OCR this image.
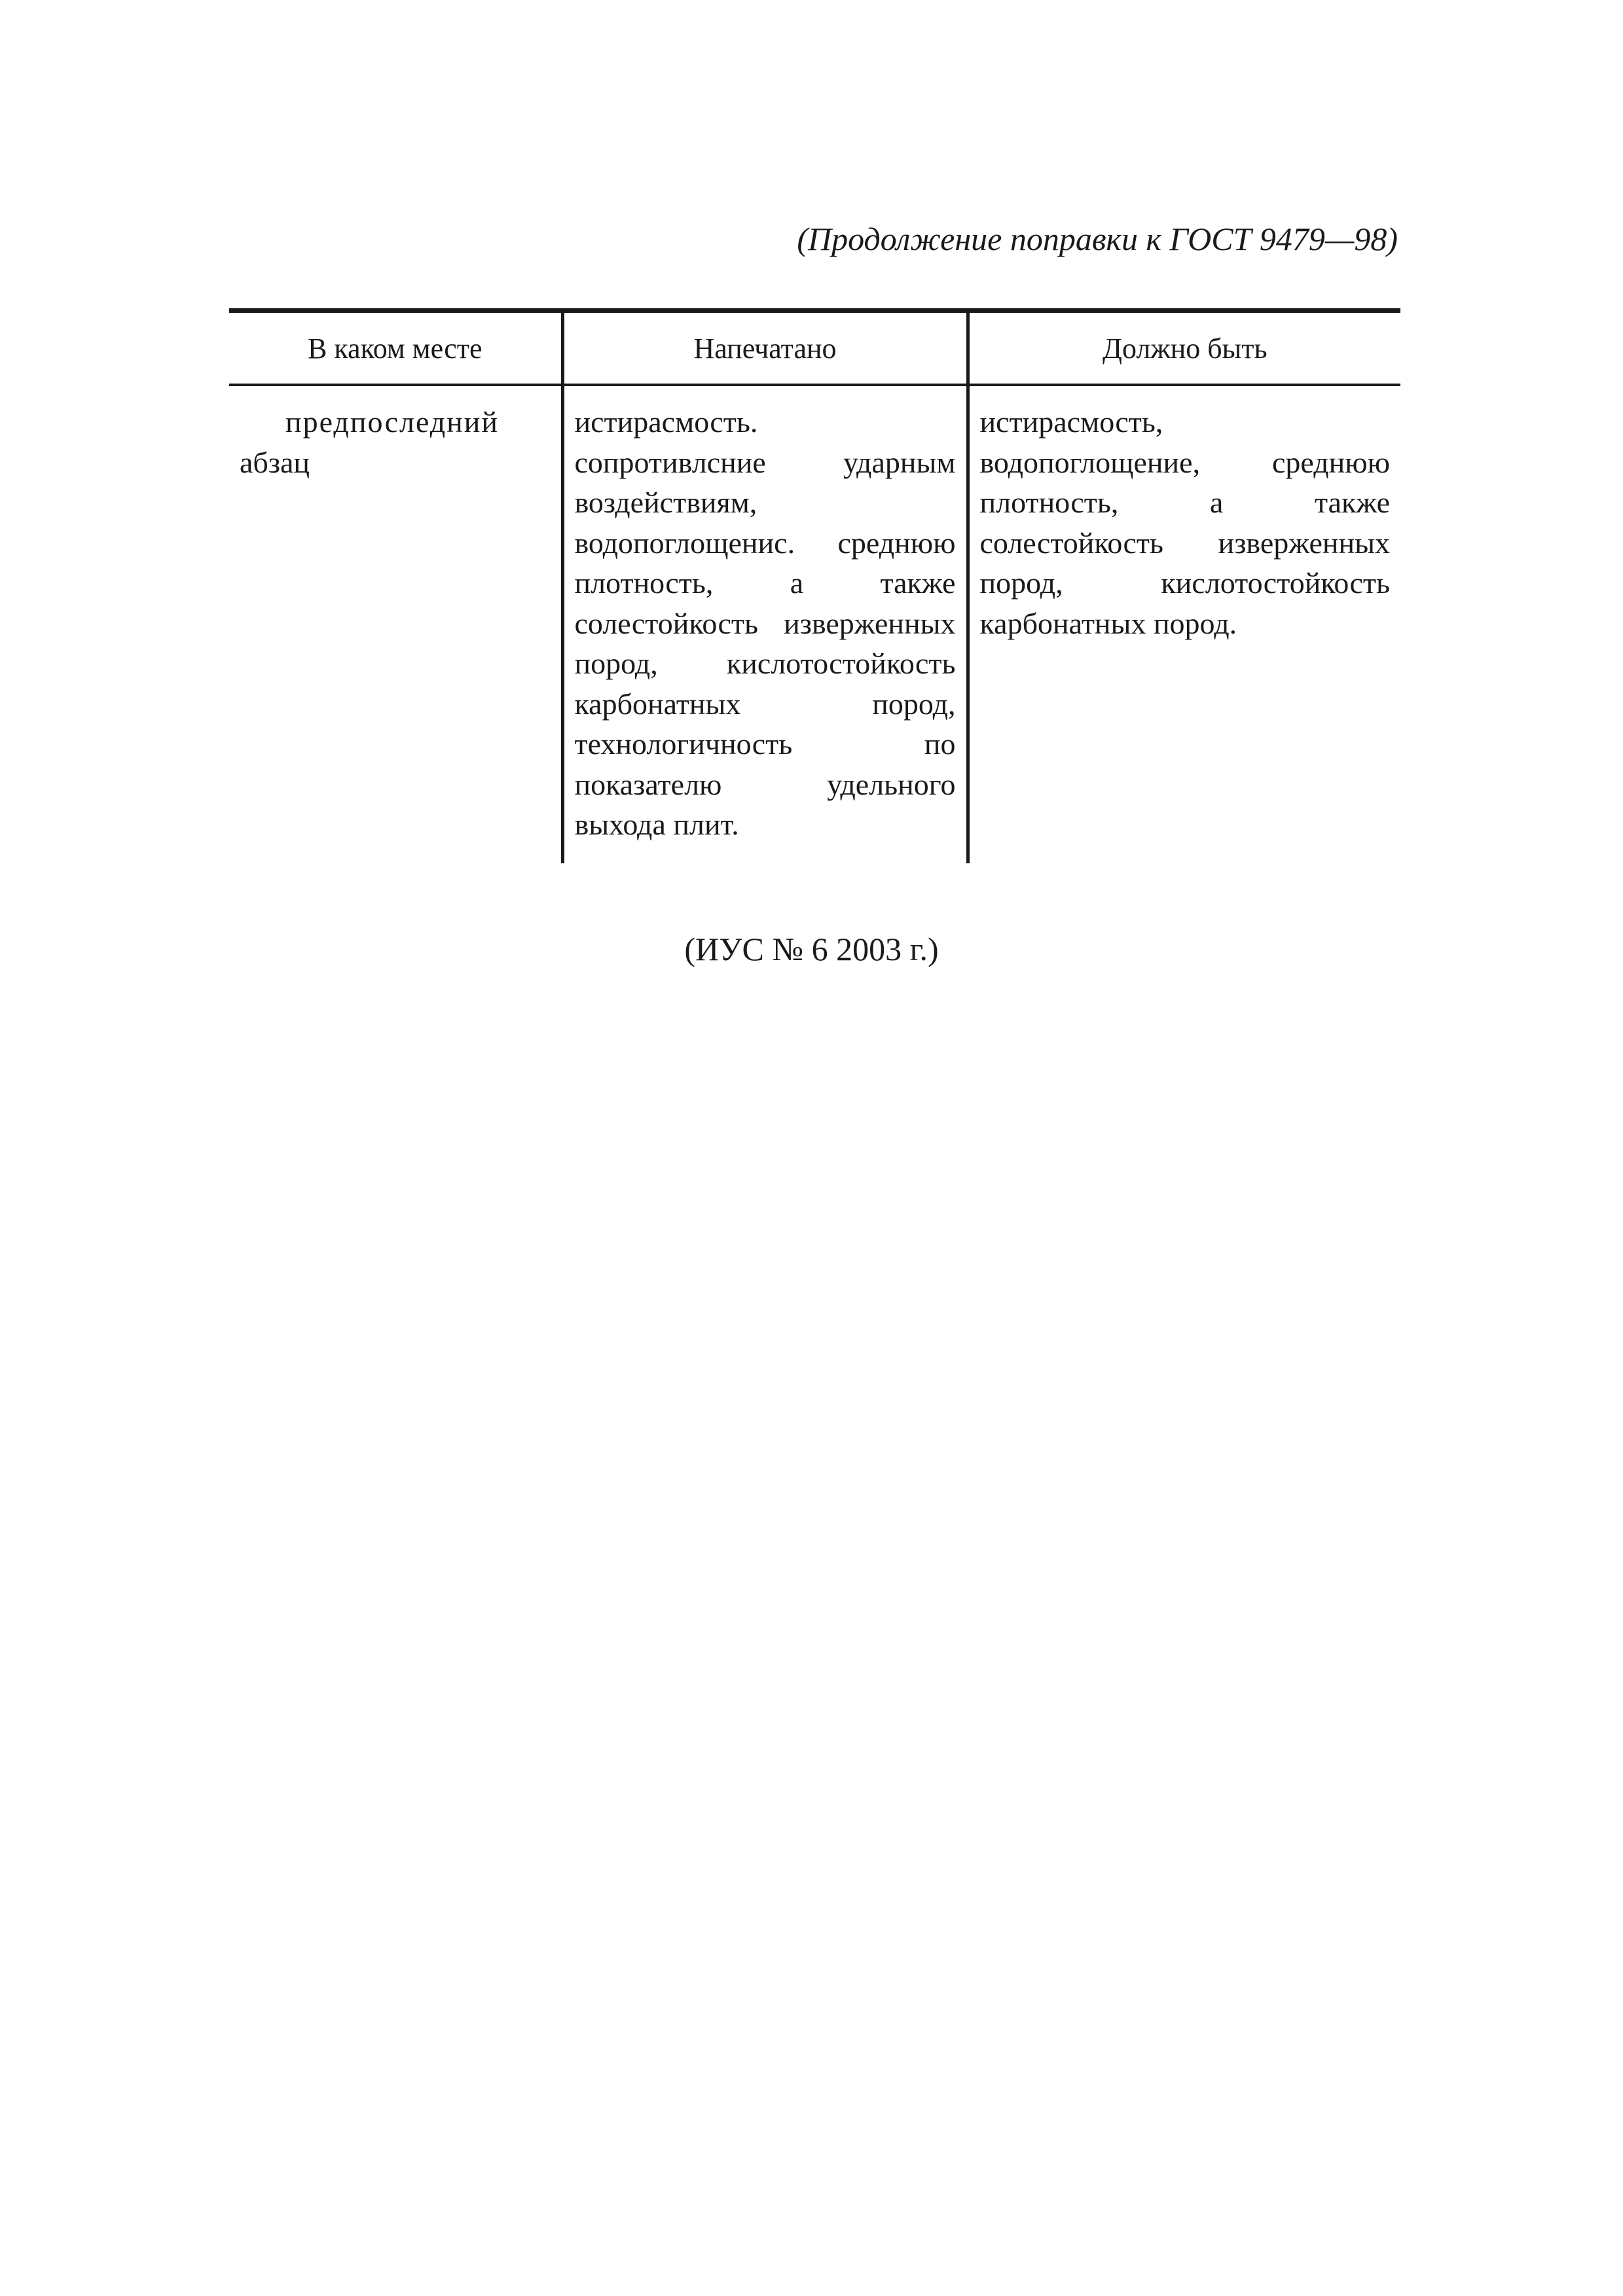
(Продолжение поправки к ГОСТ 9479—98)
В каком месте	Напечатано	Должно быть

предпоследний
абзац	истирасмость. сопротивлсние ударным воздействиям, водопоглощенис. среднюю плотность, а также солестойкость изверженных пород, кислотостойкость карбонатных пород, технологичность по показателю удельного выхода плит.	истирасмость, водопоглощение, среднюю плотность, а также солестойкость изверженных пород, кислотостойкость карбонатных пород.
(ИУС № 6 2003 г.)
